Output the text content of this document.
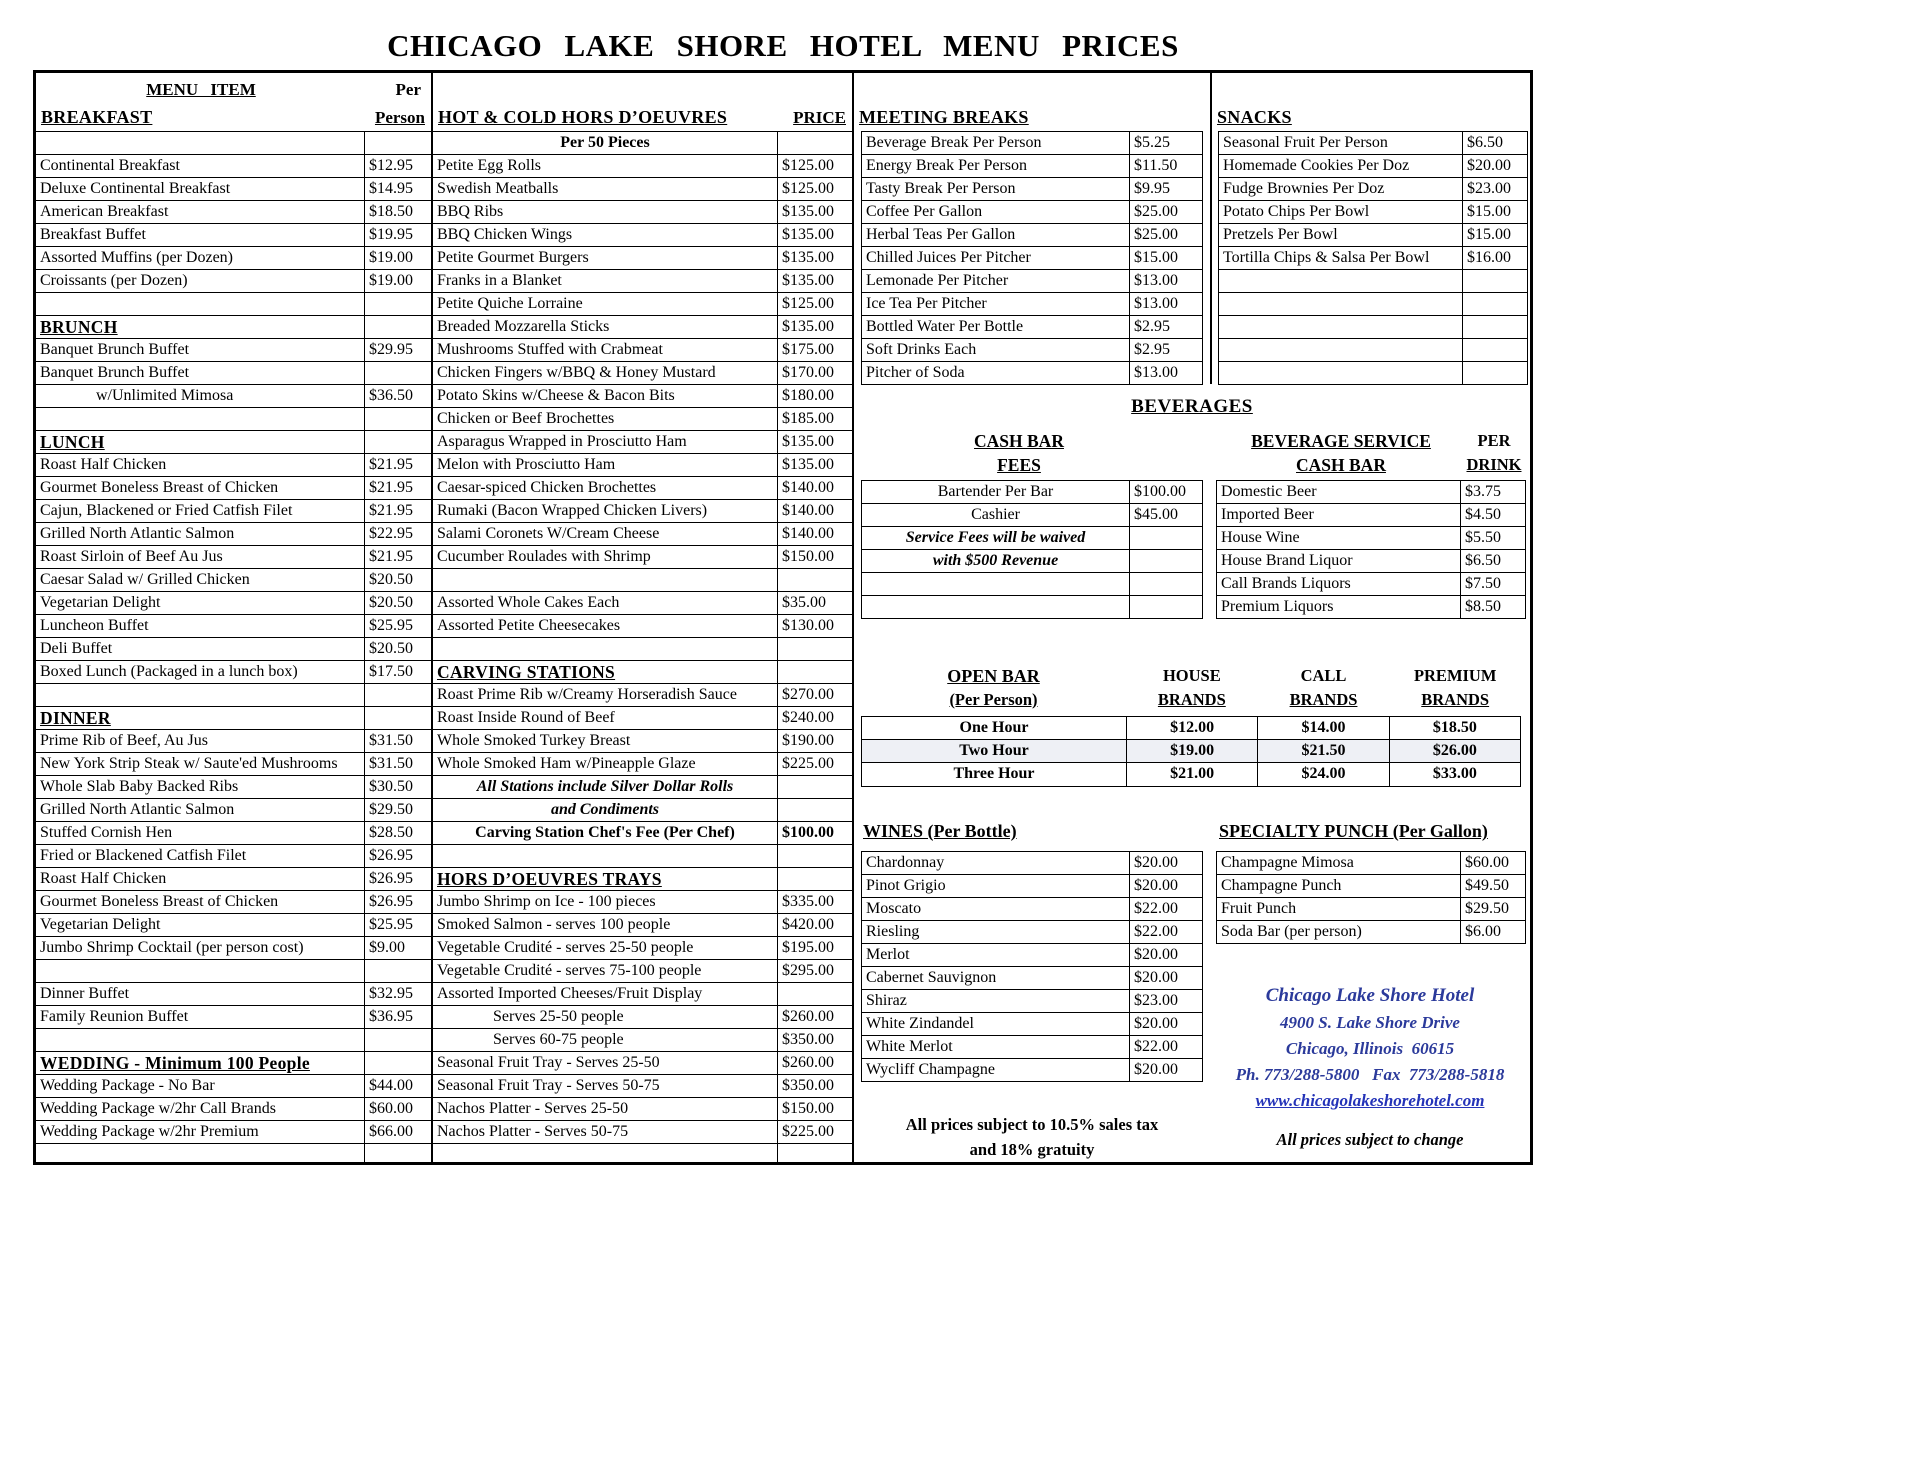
CHICAGO LAKE SHORE HOTEL MENU PRICES
MENU ITEM	Per
BREAKFAST	Person
Continental Breakfast	$12.95
Deluxe Continental Breakfast	$14.95
American Breakfast	$18.50
Breakfast Buffet	$19.95
Assorted Muffins (per Dozen)	$19.00
Croissants (per Dozen)	$19.00
BRUNCH
Banquet Brunch Buffet	$29.95
Banquet Brunch Buffet
w/Unlimited Mimosa	$36.50
LUNCH
Roast Half Chicken	$21.95
Gourmet Boneless Breast of Chicken	$21.95
Cajun, Blackened or Fried Catfish Filet	$21.95
Grilled North Atlantic Salmon	$22.95
Roast Sirloin of Beef Au Jus	$21.95
Caesar Salad w/ Grilled Chicken	$20.50
Vegetarian Delight	$20.50
Luncheon Buffet	$25.95
Deli Buffet	$20.50
Boxed Lunch (Packaged in a lunch box)	$17.50
DINNER
Prime Rib of Beef, Au Jus	$31.50
New York Strip Steak w/ Saute'ed Mushrooms	$31.50
Whole Slab Baby Backed Ribs	$30.50
Grilled North Atlantic Salmon	$29.50
Stuffed Cornish Hen	$28.50
Fried or Blackened Catfish Filet	$26.95
Roast Half Chicken	$26.95
Gourmet Boneless Breast of Chicken	$26.95
Vegetarian Delight	$25.95
Jumbo Shrimp Cocktail (per person cost)	$9.00
Dinner Buffet	$32.95
Family Reunion Buffet	$36.95
WEDDING - Minimum 100 People
Wedding Package - No Bar	$44.00
Wedding Package w/2hr Call Brands	$60.00
Wedding Package w/2hr Premium	$66.00
HOT & COLD HORS D’OEUVRES	PRICE
Per 50 Pieces
Petite Egg Rolls	$125.00
Swedish Meatballs	$125.00
BBQ Ribs	$135.00
BBQ Chicken Wings	$135.00
Petite Gourmet Burgers	$135.00
Franks in a Blanket	$135.00
Petite Quiche Lorraine	$125.00
Breaded Mozzarella Sticks	$135.00
Mushrooms Stuffed with Crabmeat	$175.00
Chicken Fingers w/BBQ & Honey Mustard	$170.00
Potato Skins w/Cheese & Bacon Bits	$180.00
Chicken or Beef Brochettes	$185.00
Asparagus Wrapped in Prosciutto Ham	$135.00
Melon with Prosciutto Ham	$135.00
Caesar-spiced Chicken Brochettes	$140.00
Rumaki (Bacon Wrapped Chicken Livers)	$140.00
Salami Coronets W/Cream Cheese	$140.00
Cucumber Roulades with Shrimp	$150.00
Assorted Whole Cakes Each	$35.00
Assorted Petite Cheesecakes	$130.00
CARVING STATIONS
Roast Prime Rib w/Creamy Horseradish Sauce	$270.00
Roast Inside Round of Beef	$240.00
Whole Smoked Turkey Breast	$190.00
Whole Smoked Ham w/Pineapple Glaze	$225.00
All Stations include Silver Dollar Rolls
and Condiments
Carving Station Chef's Fee (Per Chef)	$100.00
HORS D’OEUVRES TRAYS
Jumbo Shrimp on Ice - 100 pieces	$335.00
Smoked Salmon - serves 100 people	$420.00
Vegetable Crudité - serves 25-50 people	$195.00
Vegetable Crudité - serves 75-100 people	$295.00
Assorted Imported Cheeses/Fruit Display
Serves 25-50 people	$260.00
Serves 60-75 people	$350.00
Seasonal Fruit Tray - Serves 25-50	$260.00
Seasonal Fruit Tray - Serves 50-75	$350.00
Nachos Platter - Serves 25-50	$150.00
Nachos Platter - Serves 50-75	$225.00
MEETING BREAKS
Beverage Break Per Person	$5.25
Energy Break Per Person	$11.50
Tasty Break Per Person	$9.95
Coffee Per Gallon	$25.00
Herbal Teas Per Gallon	$25.00
Chilled Juices Per Pitcher	$15.00
Lemonade Per Pitcher	$13.00
Ice Tea Per Pitcher	$13.00
Bottled Water Per Bottle	$2.95
Soft Drinks Each	$2.95
Pitcher of Soda	$13.00
SNACKS
Seasonal Fruit Per Person	$6.50
Homemade Cookies Per Doz	$20.00
Fudge Brownies Per Doz	$23.00
Potato Chips Per Bowl	$15.00
Pretzels Per Bowl	$15.00
Tortilla Chips & Salsa Per Bowl	$16.00
BEVERAGES
CASH BAR
FEES
Bartender Per Bar	$100.00
Cashier	$45.00
Service Fees will be waived
with $500 Revenue
BEVERAGE SERVICE
CASH BAR
PER
DRINK
Domestic Beer	$3.75
Imported Beer	$4.50
House Wine	$5.50
House Brand Liquor	$6.50
Call Brands Liquors	$7.50
Premium Liquors	$8.50
OPEN BAR
(Per Person)
HOUSE
BRANDS
CALL
BRANDS
PREMIUM
BRANDS
One Hour	$12.00	$14.00	$18.50
Two Hour	$19.00	$21.50	$26.00
Three Hour	$21.00	$24.00	$33.00
WINES (Per Bottle)
Chardonnay	$20.00
Pinot Grigio	$20.00
Moscato	$22.00
Riesling	$22.00
Merlot	$20.00
Cabernet Sauvignon	$20.00
Shiraz	$23.00
White Zindandel	$20.00
White Merlot	$22.00
Wycliff Champagne	$20.00
All prices subject to 10.5% sales tax
and 18% gratuity
SPECIALTY PUNCH (Per Gallon)
Champagne Mimosa	$60.00
Champagne Punch	$49.50
Fruit Punch	$29.50
Soda Bar (per person)	$6.00
Chicago Lake Shore Hotel
4900 S. Lake Shore Drive
Chicago, Illinois  60615
Ph. 773/288-5800   Fax  773/288-5818
www.chicagolakeshorehotel.com
All prices subject to change
